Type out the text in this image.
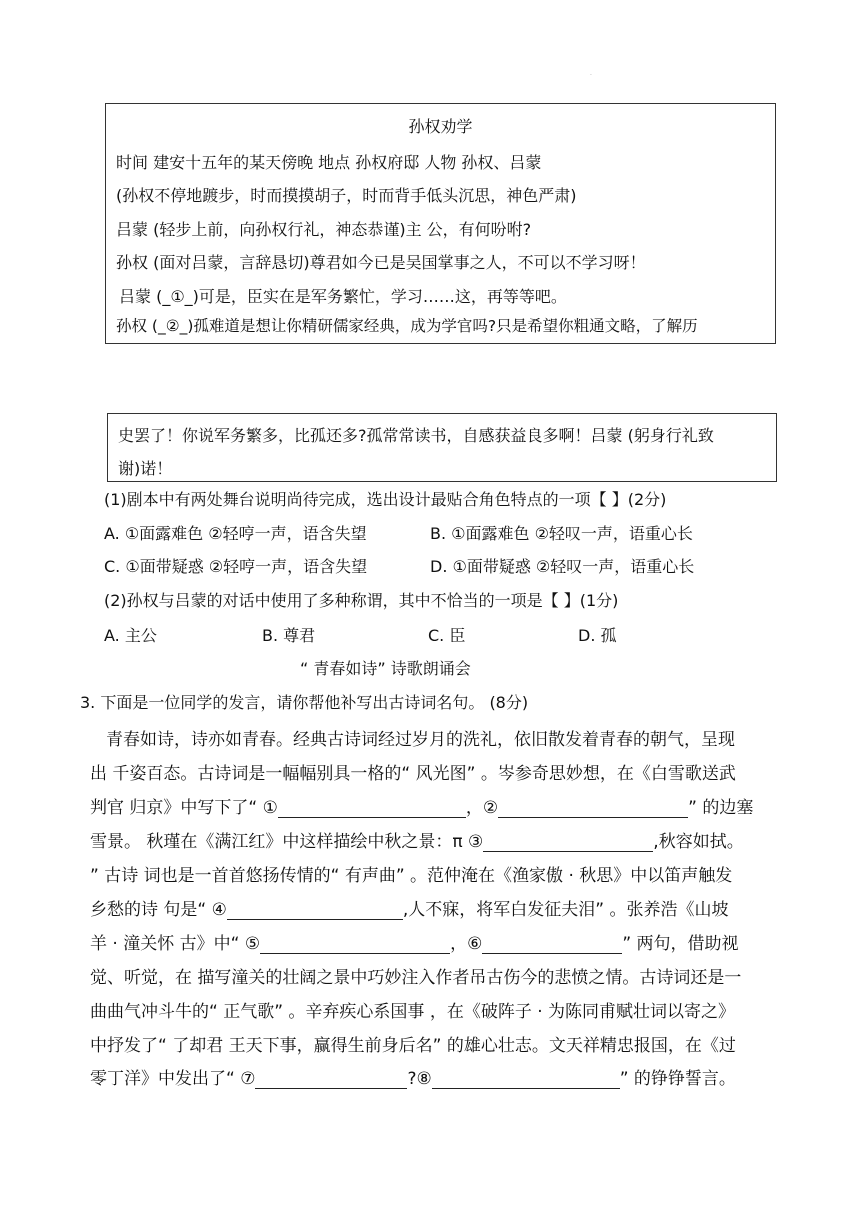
.
孙权劝学
时间 建安十五年的某天傍晚 地点 孙权府邸 人物 孙权、吕蒙
(孙权不停地踱步，时而摸摸胡子，时而背手低头沉思，神色严肃)
吕蒙 (轻步上前，向孙权行礼，神态恭谨)主 公，有何吩咐?
孙权 (面对吕蒙，言辞恳切)尊君如今已是吴国掌事之人，不可以不学习呀！
吕蒙 (_①_)可是，臣实在是军务繁忙，学习……这，再等等吧。
孙权 (_②_)孤难道是想让你精研儒家经典，成为学官吗?只是希望你粗通文略，了解历
史罢了！你说军务繁多，比孤还多?孤常常读书，自感获益良多啊！吕蒙 (躬身行礼致
谢)诺！
(1)剧本中有两处舞台说明尚待完成，选出设计最贴合角色特点的一项【 】(2分)
A. ①面露难色 ②轻哼一声，语含失望	B. ①面露难色 ②轻叹一声，语重心长
C. ①面带疑惑 ②轻哼一声，语含失望	D. ①面带疑惑 ②轻叹一声，语重心长
(2)孙权与吕蒙的对话中使用了多种称谓，其中不恰当的一项是【 】(1分)
A. 主公	B. 尊君	C. 臣	D. 孤
“ 青春如诗” 诗歌朗诵会
3. 下面是一位同学的发言，请你帮他补写出古诗词名句。 (8分)
青春如诗，诗亦如青春。经典古诗词经过岁月的洗礼，依旧散发着青春的朝气，呈现
出 千姿百态。古诗词是一幅幅别具一格的“ 风光图” 。岑参奇思妙想，在《白雪歌送武
判官 归京》中写下了“ ①	，②	” 的边塞
雪景。 秋瑾在《满江红》中这样描绘中秋之景：π ③	,秋容如拭。
” 古诗 词也是一首首悠扬传情的“ 有声曲” 。范仲淹在《渔家傲 · 秋思》中以笛声触发
乡愁的诗 句是“ ④	,人不寐，将军白发征夫泪” 。张养浩《山坡
羊 · 潼关怀 古》中“ ⑤	，⑥	” 两句，借助视
觉、听觉，在 描写潼关的壮阔之景中巧妙注入作者吊古伤今的悲愤之情。古诗词还是一
曲曲气冲斗牛的“ 正气歌” 。辛弃疾心系国事 ，在《破阵子 · 为陈同甫赋壮词以寄之》
中抒发了“ 了却君 王天下事，赢得生前身后名” 的雄心壮志。文天祥精忠报国，在《过
零丁洋》中发出了“ ⑦	?⑧	” 的铮铮誓言。
